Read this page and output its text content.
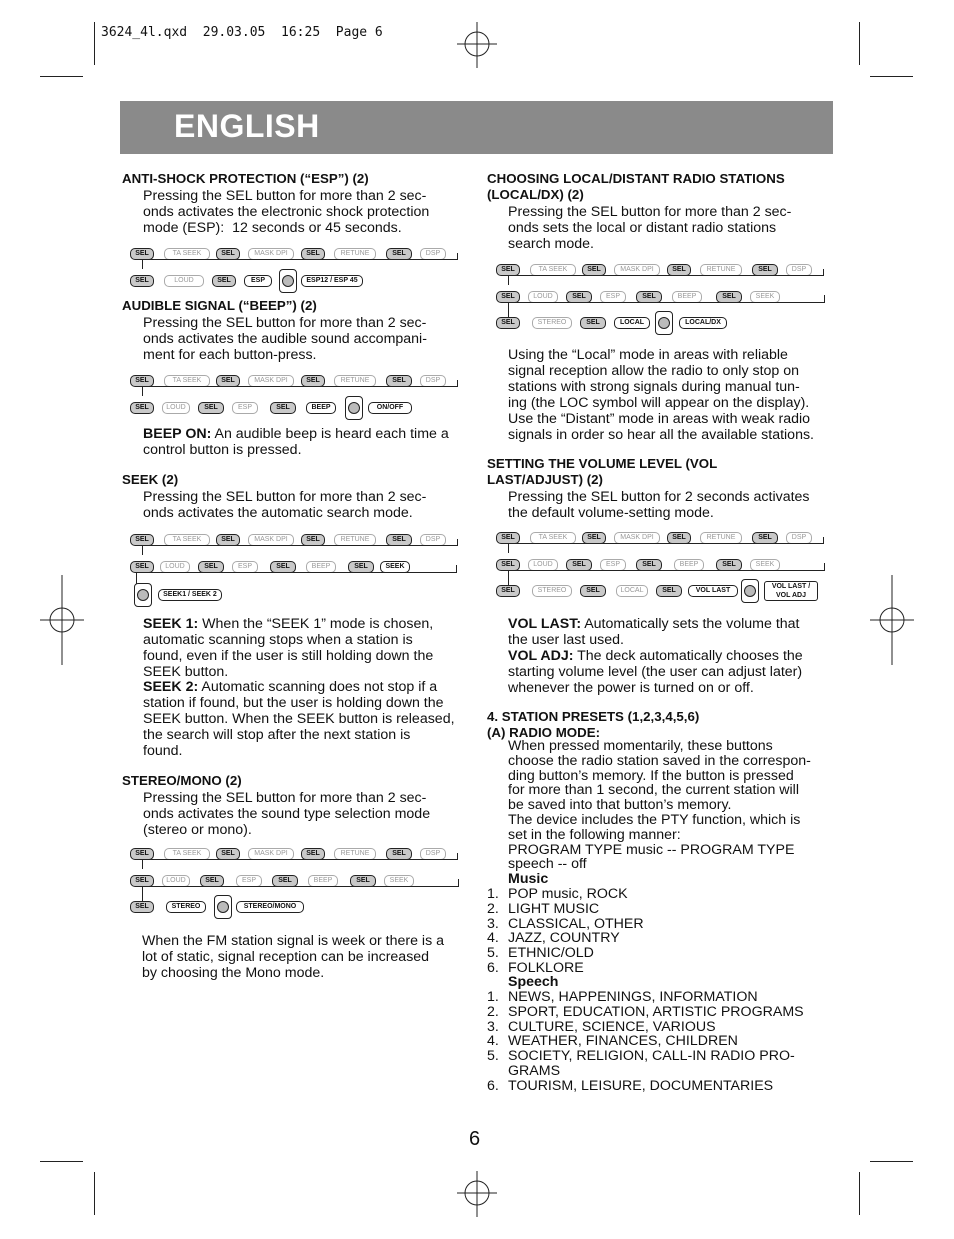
3624_4l.qxd  29.03.05  16:25  Page 6
ENGLISH
ANTI-SHOCK PROTECTION (“ESP”) (2)
Pressing the SEL button for more than 2 sec-
onds activates the electronic shock protection
mode (ESP):  12 seconds or 45 seconds.
SEL	TA SEEK	SEL	MASK DPI	SEL	RETUNE	SEL	DSP
SEL	LOUD	SEL	ESP	ESP12 / ESP 45
AUDIBLE SIGNAL (“BEEP”) (2)
Pressing the SEL button for more than 2 sec-
onds activates the audible sound accompani-
ment for each button-press.
SEL	TA SEEK	SEL	MASK DPI	SEL	RETUNE	SEL	DSP
SEL	LOUD	SEL	ESP	SEL	BEEP	ON/OFF
BEEP ON: An audible beep is heard each time a
control button is pressed.
SEEK (2)
Pressing the SEL button for more than 2 sec-
onds activates the automatic search mode.
SEL	TA SEEK	SEL	MASK DPI	SEL	RETUNE	SEL	DSP
SEL	LOUD	SEL	ESP	SEL	BEEP	SEL	SEEK
SEEK1 / SEEK 2
SEEK 1: When the “SEEK 1” mode is chosen,
automatic scanning stops when a station is
found, even if the user is still holding down the
SEEK button.
SEEK 2: Automatic scanning does not stop if a
station if found, but the user is holding down the
SEEK button. When the SEEK button is released,
the search will stop after the next station is
found.
STEREO/MONO (2)
Pressing the SEL button for more than 2 sec-
onds activates the sound type selection mode
(stereo or mono).
SEL	TA SEEK	SEL	MASK DPI	SEL	RETUNE	SEL	DSP
SEL	LOUD	SEL	ESP	SEL	BEEP	SEL	SEEK
SEL	STEREO	STEREO/MONO
When the FM station signal is week or there is a
lot of static, signal reception can be increased
by choosing the Mono mode.
CHOOSING LOCAL/DISTANT RADIO STATIONS
(LOCAL/DX) (2)
Pressing the SEL button for more than 2 sec-
onds sets the local or distant radio stations
search mode.
SEL	TA SEEK	SEL	MASK DPI	SEL	RETUNE	SEL	DSP
SEL	LOUD	SEL	ESP	SEL	BEEP	SEL	SEEK
SEL	STEREO	SEL	LOCAL	LOCAL/DX
Using the “Local” mode in areas with reliable
signal reception allow the radio to only stop on
stations with strong signals during manual tun-
ing (the LOC symbol will appear on the display).
Use the “Distant” mode in areas with weak radio
signals in order so hear all the available stations.
SETTING THE VOLUME LEVEL (VOL
LAST/ADJUST) (2)
Pressing the SEL button for 2 seconds activates
the default volume-setting mode.
SEL	TA SEEK	SEL	MASK DPI	SEL	RETUNE	SEL	DSP
SEL	LOUD	SEL	ESP	SEL	BEEP	SEL	SEEK
SEL	STEREO	SEL	LOCAL	SEL	VOL LAST
VOL LAST /
VOL ADJ
VOL LAST: Automatically sets the volume that
the user last used.
VOL ADJ: The deck automatically chooses the
starting volume level (the user can adjust later)
whenever the power is turned on or off.
4. STATION PRESETS (1,2,3,4,5,6)
(A) RADIO MODE:
When pressed momentarily, these buttons
choose the radio station saved in the correspon-
ding button’s memory. If the button is pressed
for more than 1 second, the current station will
be saved into that button’s memory.
The device includes the PTY function, which is
set in the following manner:
PROGRAM TYPE music -- PROGRAM TYPE
speech -- off
Music
1. POP music, ROCK
2. LIGHT MUSIC
3. CLASSICAL, OTHER
4. JAZZ, COUNTRY
5. ETHNIC/OLD
6. FOLKLORE
Speech
1. NEWS, HAPPENINGS, INFORMATION
2. SPORT, EDUCATION, ARTISTIC PROGRAMS
3. CULTURE, SCIENCE, VARIOUS
4. WEATHER, FINANCES, CHILDREN
5. SOCIETY, RELIGION, CALL-IN RADIO PRO-
GRAMS
6. TOURISM, LEISURE, DOCUMENTARIES
6
